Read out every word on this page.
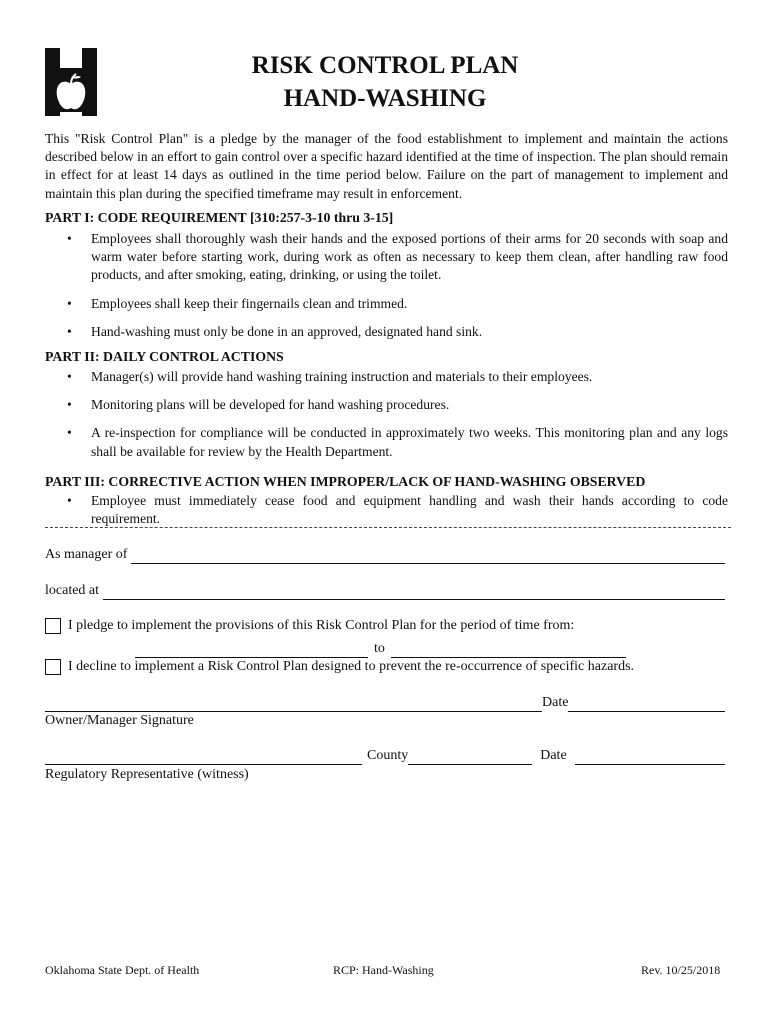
RISK CONTROL PLAN
HAND-WASHING
This "Risk Control Plan" is a pledge by the manager of the food establishment to implement and maintain the actions described below in an effort to gain control over a specific hazard identified at the time of inspection. The plan should remain in effect for at least 14 days as outlined in the time period below. Failure on the part of management to implement and maintain this plan during the specified timeframe may result in enforcement.
PART I: CODE REQUIREMENT [310:257-3-10 thru 3-15]
• Employees shall thoroughly wash their hands and the exposed portions of their arms for 20 seconds with soap and warm water before starting work, during work as often as necessary to keep them clean, after handling raw food products, and after smoking, eating, drinking, or using the toilet.
• Employees shall keep their fingernails clean and trimmed.
• Hand-washing must only be done in an approved, designated hand sink.
PART II: DAILY CONTROL ACTIONS
• Manager(s) will provide hand washing training instruction and materials to their employees.
• Monitoring plans will be developed for hand washing procedures.
• A re-inspection for compliance will be conducted in approximately two weeks. This monitoring plan and any logs shall be available for review by the Health Department.
PART III: CORRECTIVE ACTION WHEN IMPROPER/LACK OF HAND-WASHING OBSERVED
• Employee must immediately cease food and equipment handling and wash their hands according to code requirement.
As manager of
located at
I pledge to implement the provisions of this Risk Control Plan for the period of time from:
to
I decline to implement a Risk Control Plan designed to prevent the re-occurrence of specific hazards.
Date
Owner/Manager Signature
County	Date
Regulatory Representative (witness)
Oklahoma State Dept. of Health	RCP: Hand-Washing	Rev. 10/25/2018
